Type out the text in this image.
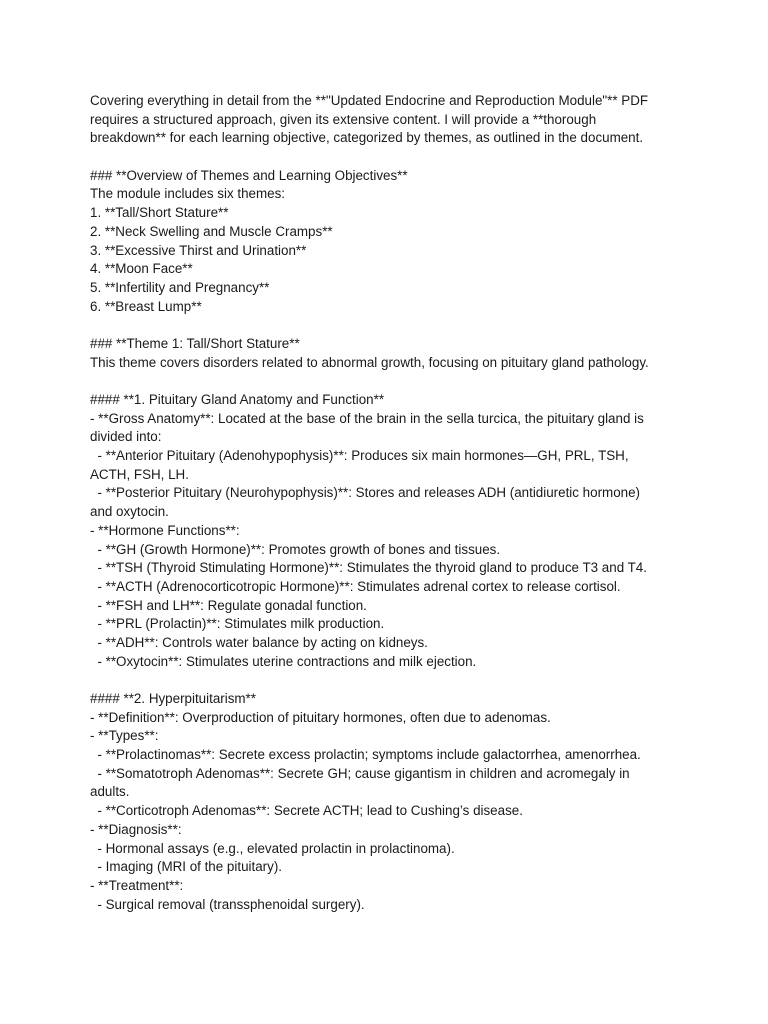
Covering everything in detail from the **"Updated Endocrine and Reproduction Module"** PDF
requires a structured approach, given its extensive content. I will provide a **thorough
breakdown** for each learning objective, categorized by themes, as outlined in the document.
### **Overview of Themes and Learning Objectives**
The module includes six themes:
1. **Tall/Short Stature**
2. **Neck Swelling and Muscle Cramps**
3. **Excessive Thirst and Urination**
4. **Moon Face**
5. **Infertility and Pregnancy**
6. **Breast Lump**
### **Theme 1: Tall/Short Stature**
This theme covers disorders related to abnormal growth, focusing on pituitary gland pathology.
#### **1. Pituitary Gland Anatomy and Function**
- **Gross Anatomy**: Located at the base of the brain in the sella turcica, the pituitary gland is
divided into:
- **Anterior Pituitary (Adenohypophysis)**: Produces six main hormones—GH, PRL, TSH,
ACTH, FSH, LH.
- **Posterior Pituitary (Neurohypophysis)**: Stores and releases ADH (antidiuretic hormone)
and oxytocin.
- **Hormone Functions**:
- **GH (Growth Hormone)**: Promotes growth of bones and tissues.
- **TSH (Thyroid Stimulating Hormone)**: Stimulates the thyroid gland to produce T3 and T4.
- **ACTH (Adrenocorticotropic Hormone)**: Stimulates adrenal cortex to release cortisol.
- **FSH and LH**: Regulate gonadal function.
- **PRL (Prolactin)**: Stimulates milk production.
- **ADH**: Controls water balance by acting on kidneys.
- **Oxytocin**: Stimulates uterine contractions and milk ejection.
#### **2. Hyperpituitarism**
- **Definition**: Overproduction of pituitary hormones, often due to adenomas.
- **Types**:
- **Prolactinomas**: Secrete excess prolactin; symptoms include galactorrhea, amenorrhea.
- **Somatotroph Adenomas**: Secrete GH; cause gigantism in children and acromegaly in
adults.
- **Corticotroph Adenomas**: Secrete ACTH; lead to Cushing’s disease.
- **Diagnosis**:
- Hormonal assays (e.g., elevated prolactin in prolactinoma).
- Imaging (MRI of the pituitary).
- **Treatment**:
- Surgical removal (transsphenoidal surgery).
